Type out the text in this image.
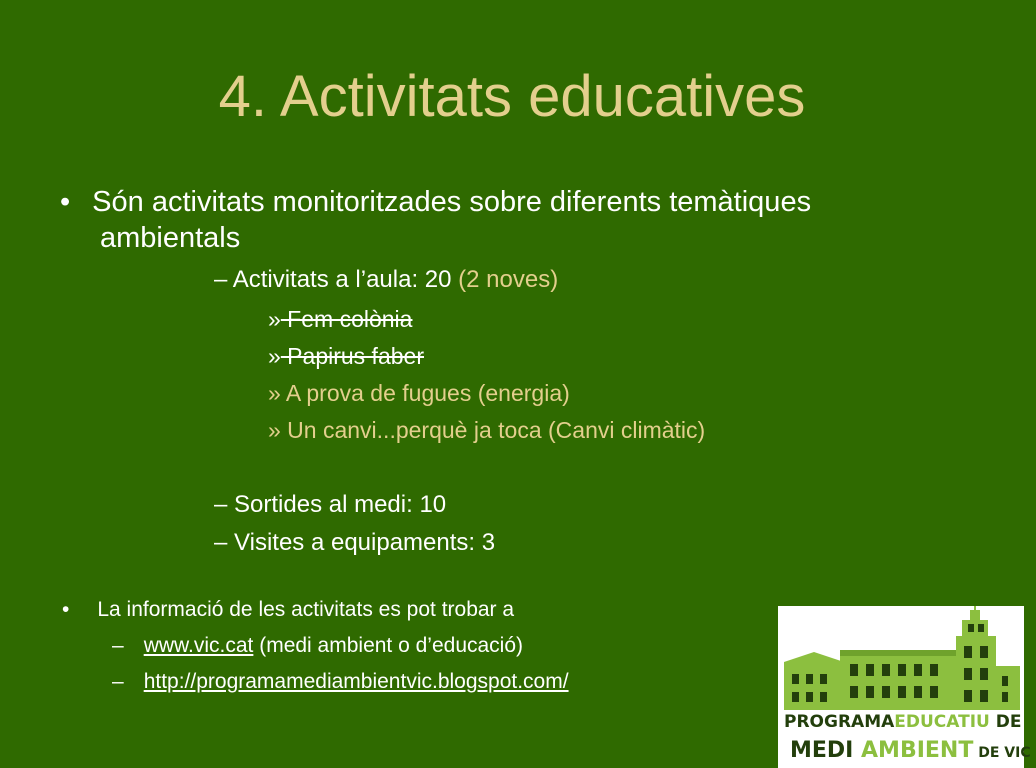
4. Activitats educatives
• Són activitats monitoritzades sobre diferents temàtiques
ambientals
– Activitats a l’aula: 20 (2 noves)
» Fem colònia
» Papirus faber
» A prova de fugues (energia)
» Un canvi...perquè ja toca (Canvi climàtic)
– Sortides al medi: 10
– Visites a equipaments: 3
• La informació de les activitats es pot trobar a
– www.vic.cat (medi ambient o d’educació)
– http://programamediambientvic.blogspot.com/
PROGRAMAEDUCATIU DE
MEDI AMBIENT DE VIC
